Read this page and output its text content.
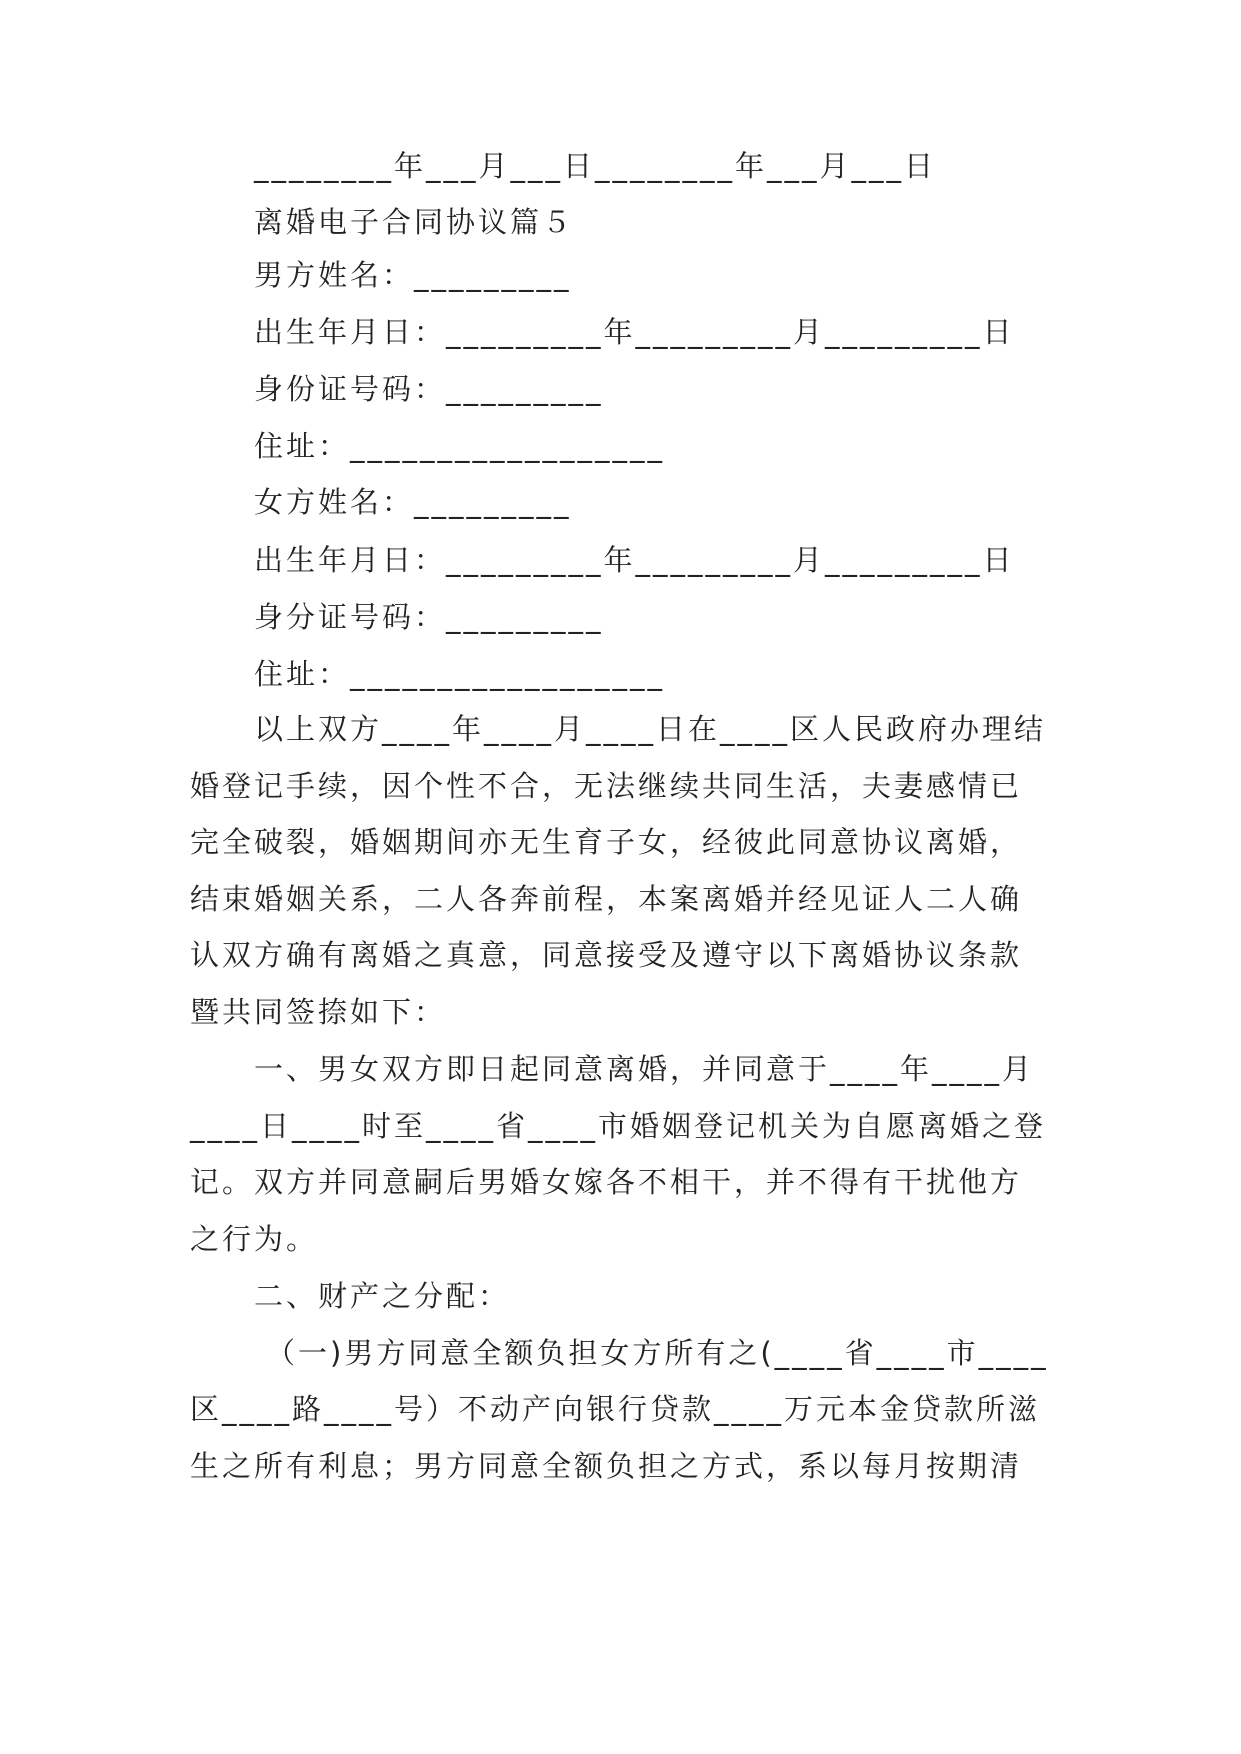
________年___月___日________年___月___日
离婚电子合同协议篇５
男方姓名：_________
出生年月日：_________年_________月_________日
身份证号码：_________
住址：__________________
女方姓名：_________
出生年月日：_________年_________月_________日
身分证号码：_________
住址：__________________
以上双方____年____月____日在____区人民政府办理结
婚登记手续，因个性不合，无法继续共同生活，夫妻感情已
完全破裂，婚姻期间亦无生育子女，经彼此同意协议离婚，
结束婚姻关系，二人各奔前程，本案离婚并经见证人二人确
认双方确有离婚之真意，同意接受及遵守以下离婚协议条款
暨共同签捺如下：
一、男女双方即日起同意离婚，并同意于____年____月
____日____时至____省____市婚姻登记机关为自愿离婚之登
记。双方并同意嗣后男婚女嫁各不相干，并不得有干扰他方
之行为。
二、财产之分配：
（一)男方同意全额负担女方所有之(____省____市____
区____路____号）不动产向银行贷款____万元本金贷款所滋
生之所有利息；男方同意全额负担之方式，系以每月按期清
